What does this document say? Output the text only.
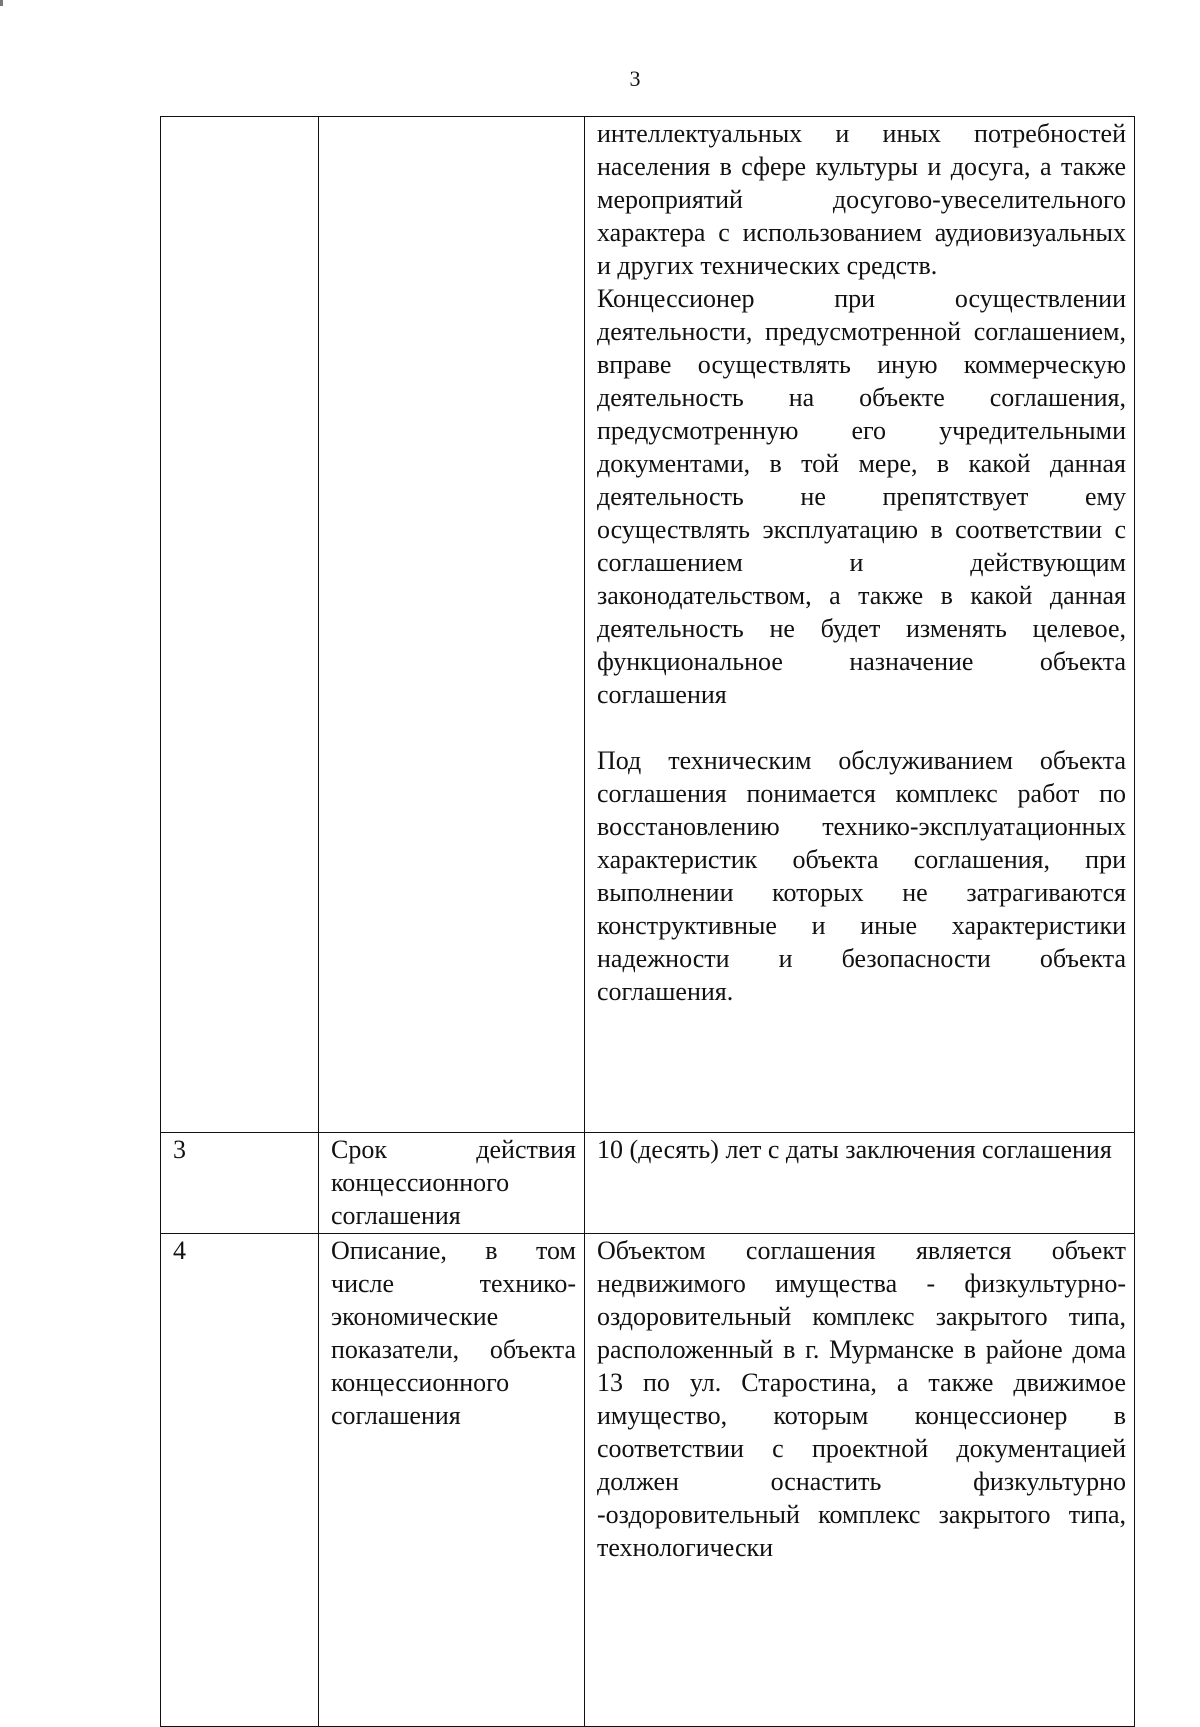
3

		интеллектуальных и иных потребностей населения в сфере культуры и досуга, а также мероприятий досугово-увеселительного характера с использованием аудиовизуальных и других технических средств.

Концессионер при осуществлении деятельности, предусмотренной соглашением, вправе осуществлять иную коммерческую деятельность на объекте соглашения, предусмотренную его учредительными документами, в той мере, в какой данная деятельность не препятствует ему осуществлять эксплуатацию в соответствии с соглашением и действующим законодательством, а также в какой данная деятельность не будет изменять целевое, функциональное назначение объекта соглашения

Под техническим обслуживанием объекта соглашения понимается комплекс работ по восстановлению технико-эксплуатационных характеристик объекта соглашения, при выполнении которых не затрагиваются конструктивные и иные характеристики надежности и безопасности объекта соглашения.

3	Срок действия концессионного соглашения	10 (десять) лет с даты заключения соглашения

4	Описание, в том числе технико-экономические показатели, объекта концессионного соглашения	Объектом соглашения является объект недвижимого имущества - физкультурно-оздоровительный комплекс закрытого типа, расположенный в г. Мурманске в районе дома 13 по ул. Старостина, а также движимое имущество, которым концессионер в соответствии с проектной документацией должен оснастить физкультурно -оздоровительный комплекс закрытого типа, технологически
